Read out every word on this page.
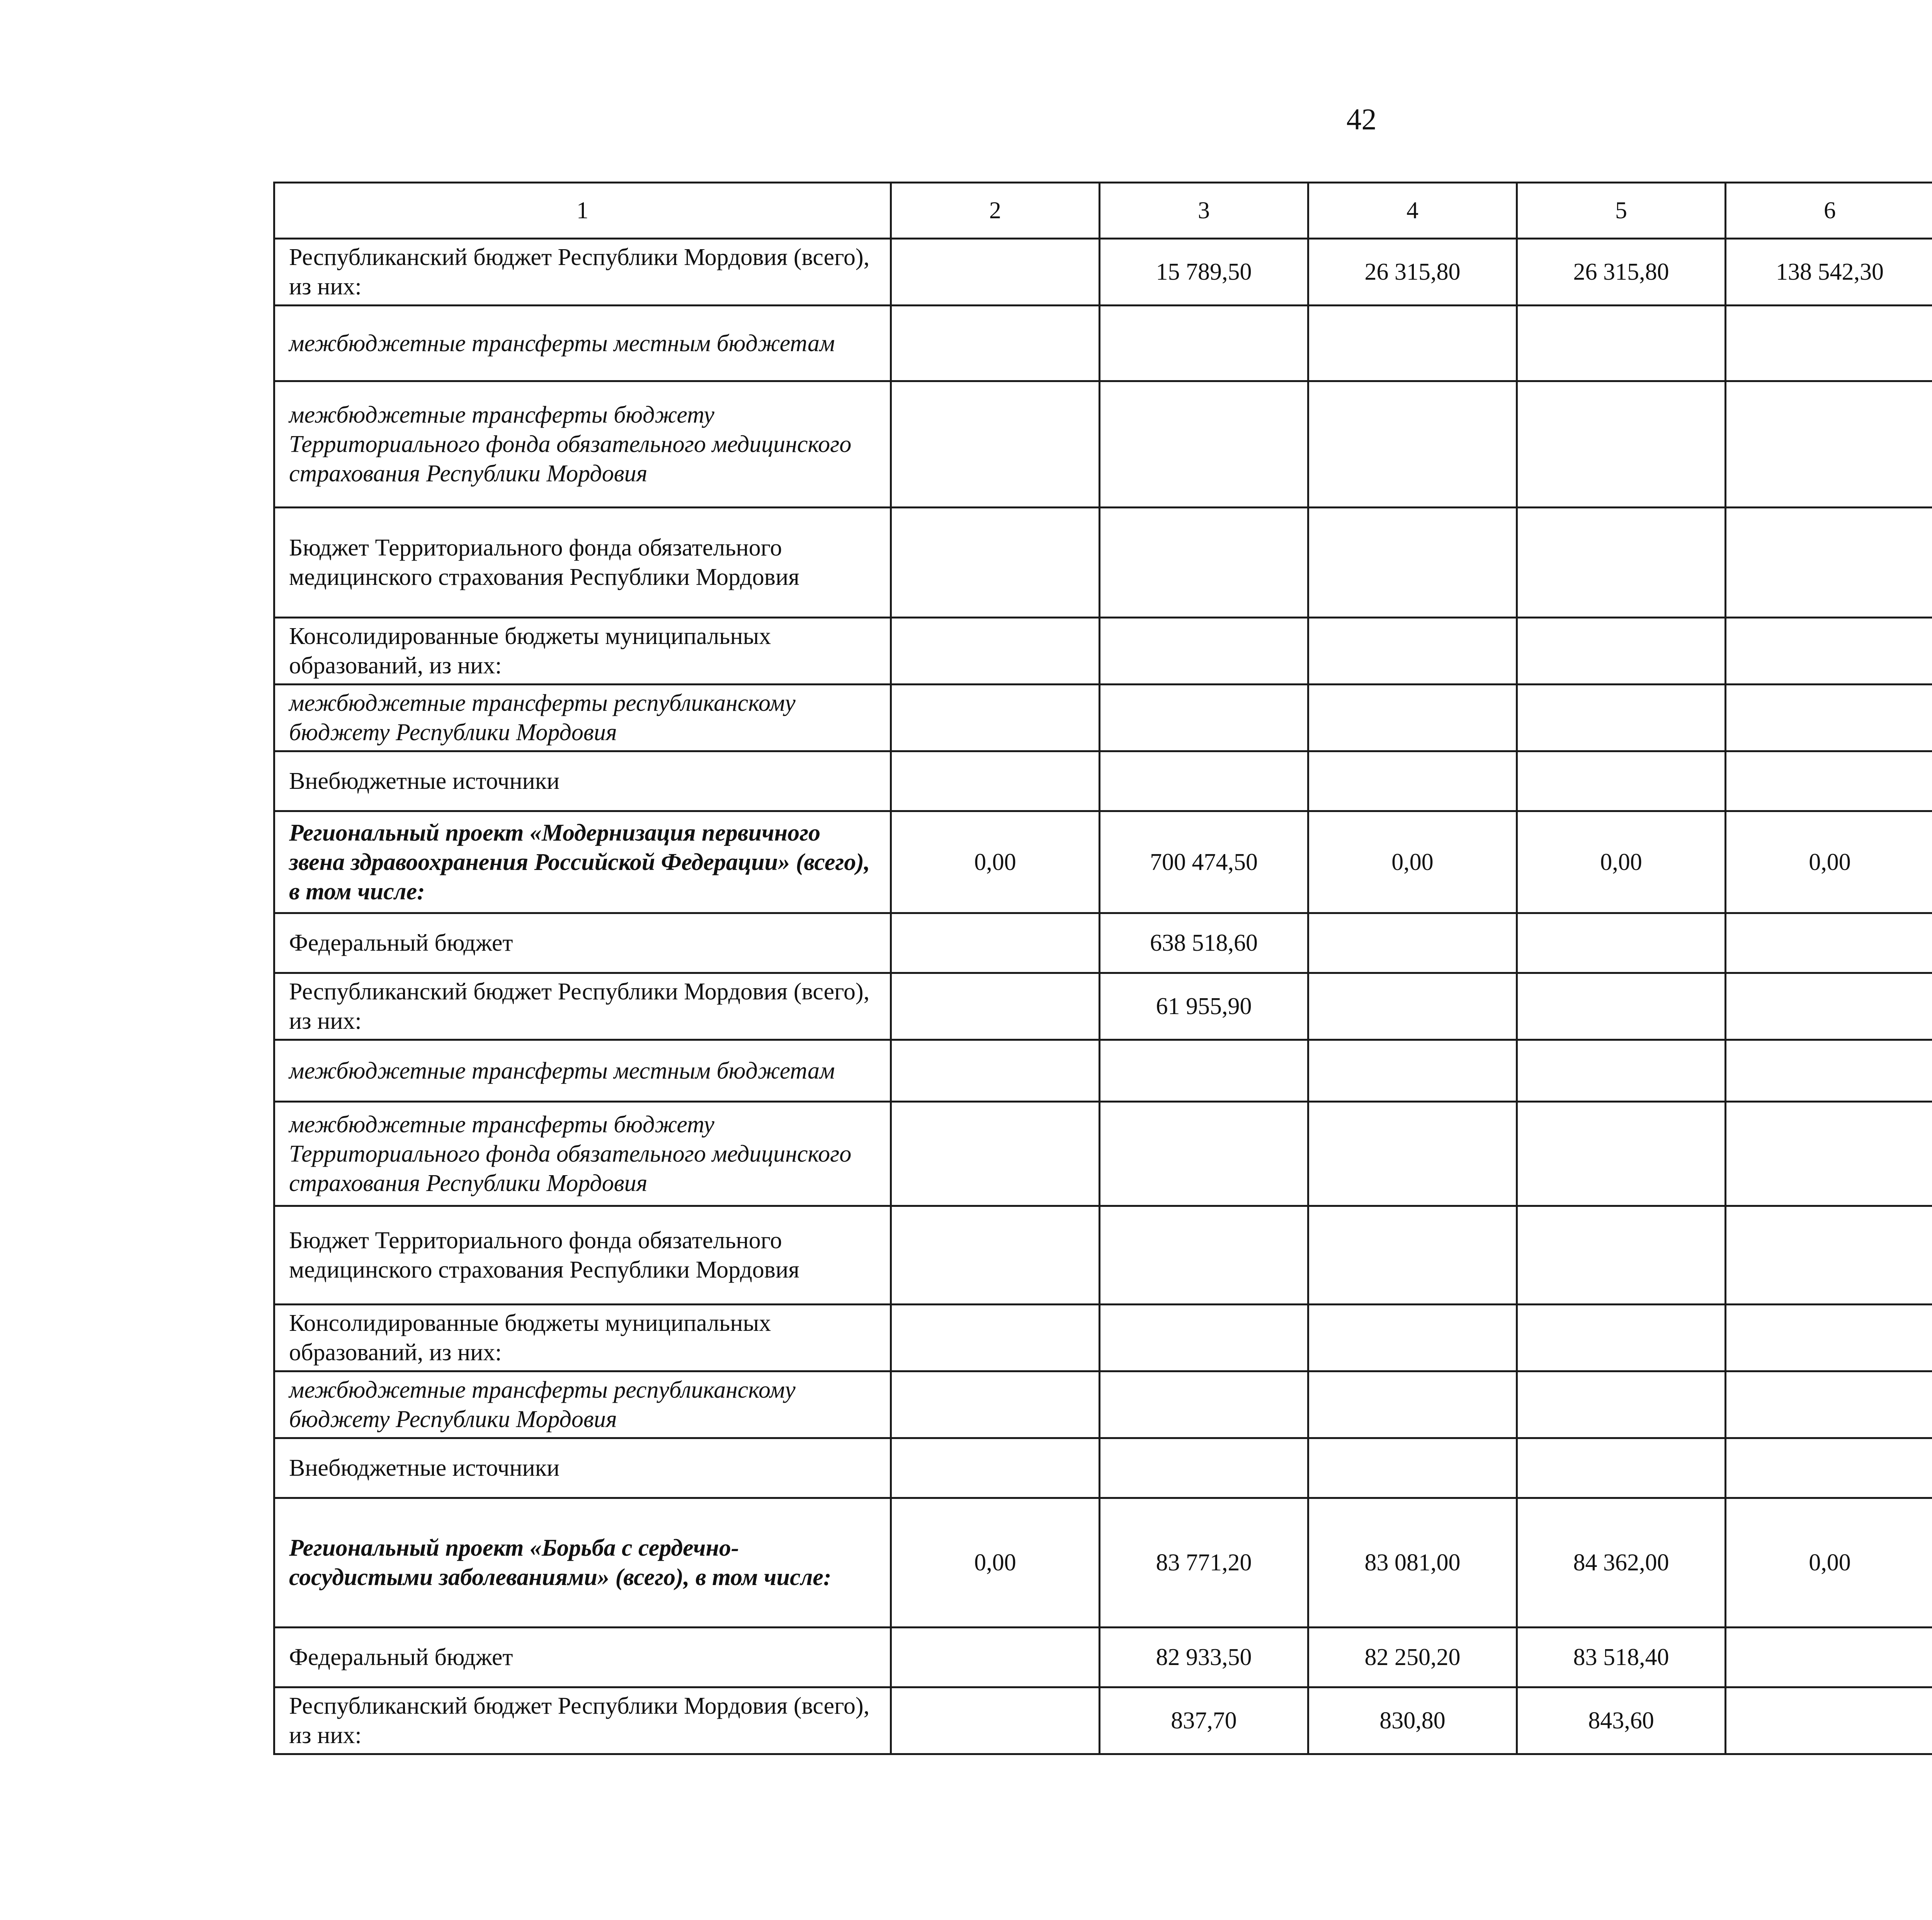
42
1	2	3	4	5	6			
Республиканский бюджет Республики Мордовия (всего), из них:		15 789,50	26 315,80	26 315,80	138 542,30			
межбюджетные трансферты местным бюджетам								
межбюджетные трансферты бюджету Территориального фонда обязательного медицинского страхования Республики Мордовия								
Бюджет Территориального фонда обязательного медицинского страхования Республики Мордовия								
Консолидированные бюджеты муниципальных образований, из них:								
межбюджетные трансферты республиканскому бюджету Республики Мордовия								
Внебюджетные источники								
Региональный проект «Модернизация первичного звена здравоохранения Российской Федерации» (всего), в том числе:	0,00	700 474,50	0,00	0,00	0,00			
Федеральный бюджет		638 518,60						
Республиканский бюджет Республики Мордовия (всего), из них:		61 955,90						
межбюджетные трансферты местным бюджетам								
межбюджетные трансферты бюджету Территориального фонда обязательного медицинского страхования Республики Мордовия								
Бюджет Территориального фонда обязательного медицинского страхования Республики Мордовия								
Консолидированные бюджеты муниципальных образований, из них:								
межбюджетные трансферты республиканскому бюджету Республики Мордовия								
Внебюджетные источники								
Региональный проект «Борьба с сердечно-сосудистыми заболеваниями» (всего), в том числе:	0,00	83 771,20	83 081,00	84 362,00	0,00			
Федеральный бюджет		82 933,50	82 250,20	83 518,40				
Республиканский бюджет Республики Мордовия (всего), из них:		837,70	830,80	843,60				
